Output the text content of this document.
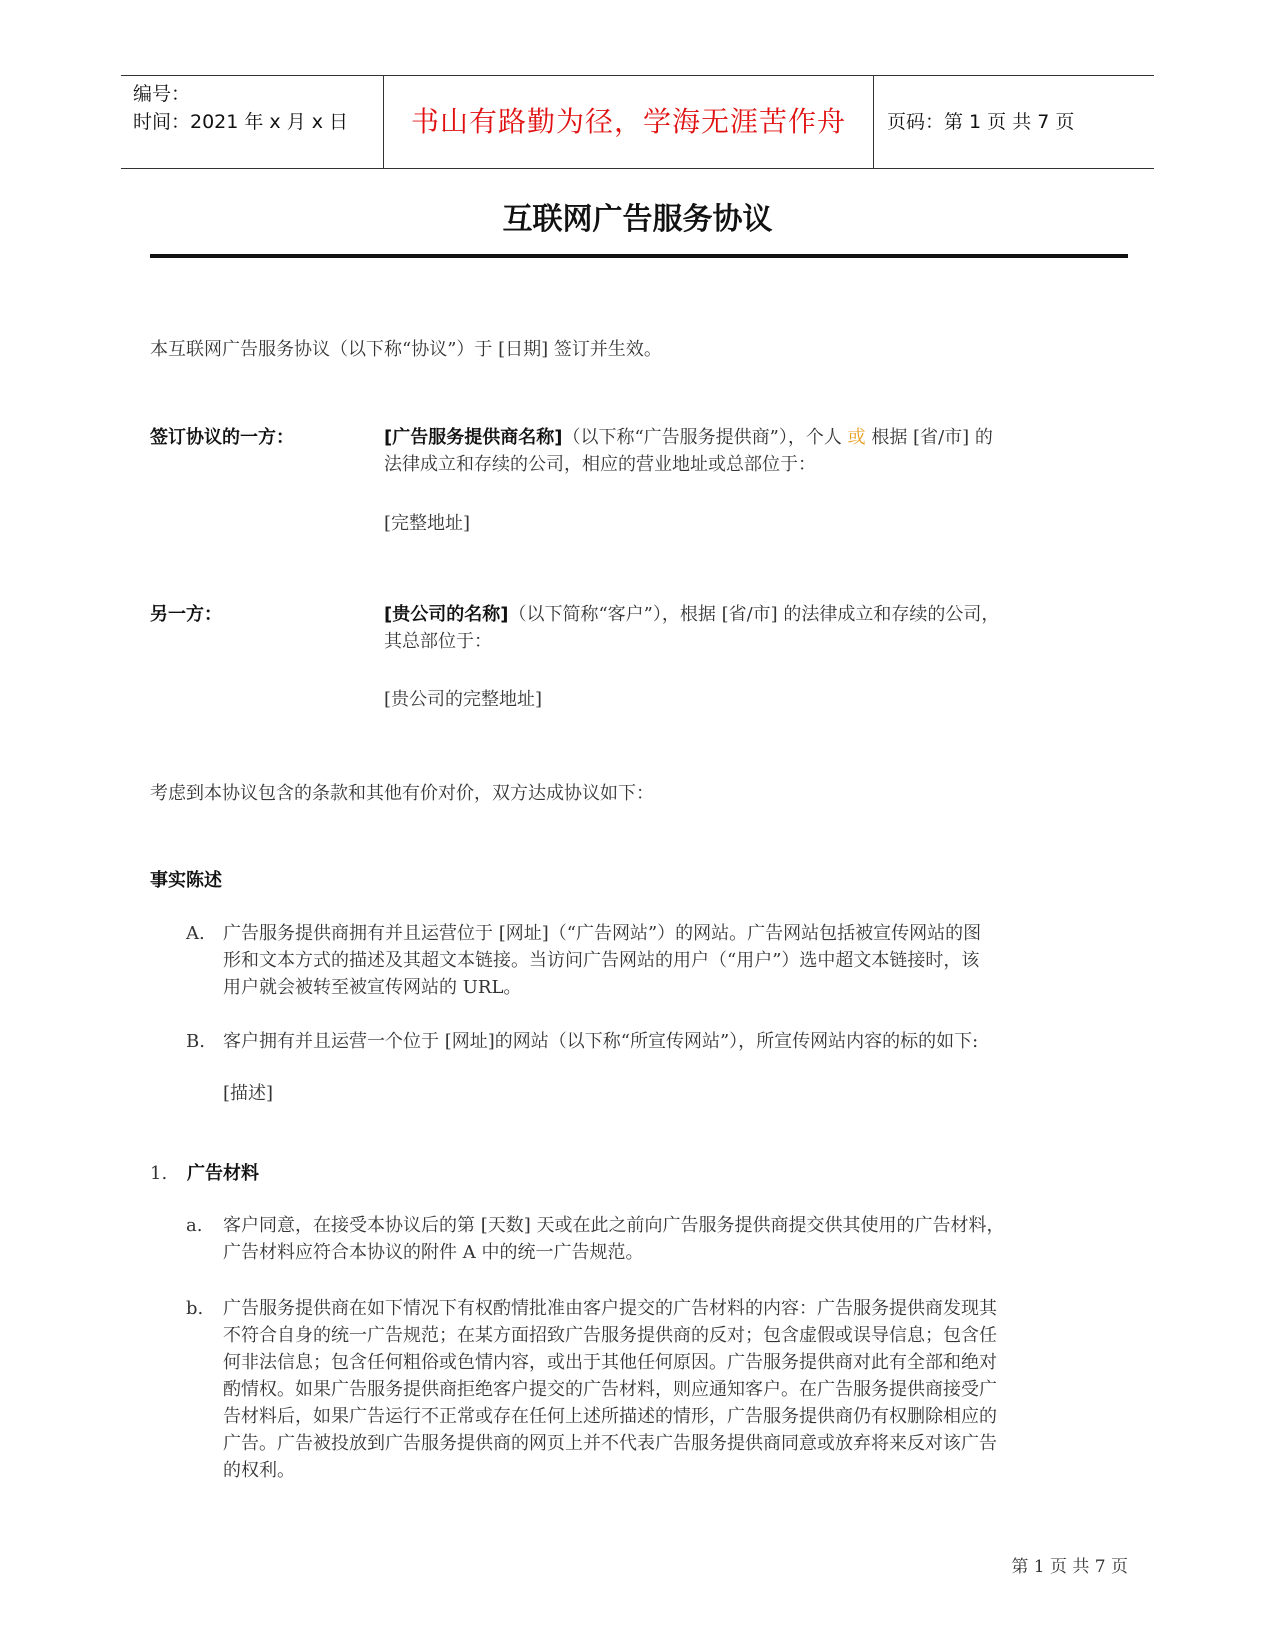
编号：
时间：2021 年 x 月 x 日	书山有路勤为径，学海无涯苦作舟	页码：第 1 页 共 7 页
互联网广告服务协议
本互联网广告服务协议（以下称“协议”）于 [日期] 签订并生效。
签订协议的一方：	[广告服务提供商名称]（以下称“广告服务提供商”），个人 或 根据 [省/市] 的
法律成立和存续的公司，相应的营业地址或总部位于：
[完整地址]
另一方：	[贵公司的名称]（以下简称“客户”），根据 [省/市] 的法律成立和存续的公司，
其总部位于：
[贵公司的完整地址]
考虑到本协议包含的条款和其他有价对价，双方达成协议如下：
事实陈述
A. 广告服务提供商拥有并且运营位于 [网址]（“广告网站”）的网站。广告网站包括被宣传网站的图
形和文本方式的描述及其超文本链接。当访问广告网站的用户（“用户”）选中超文本链接时，该
用户就会被转至被宣传网站的 URL。
B. 客户拥有并且运营一个位于 [网址]的网站（以下称“所宣传网站”），所宣传网站内容的标的如下:
[描述]
1. 广告材料
a. 客户同意，在接受本协议后的第 [天数] 天或在此之前向广告服务提供商提交供其使用的广告材料，
广告材料应符合本协议的附件 A 中的统一广告规范。
b. 广告服务提供商在如下情况下有权酌情批准由客户提交的广告材料的内容：广告服务提供商发现其
不符合自身的统一广告规范；在某方面招致广告服务提供商的反对；包含虚假或误导信息；包含任
何非法信息；包含任何粗俗或色情内容，或出于其他任何原因。广告服务提供商对此有全部和绝对
酌情权。如果广告服务提供商拒绝客户提交的广告材料，则应通知客户。在广告服务提供商接受广
告材料后，如果广告运行不正常或存在任何上述所描述的情形，广告服务提供商仍有权删除相应的
广告。广告被投放到广告服务提供商的网页上并不代表广告服务提供商同意或放弃将来反对该广告
的权利。
第 1 页 共 7 页
